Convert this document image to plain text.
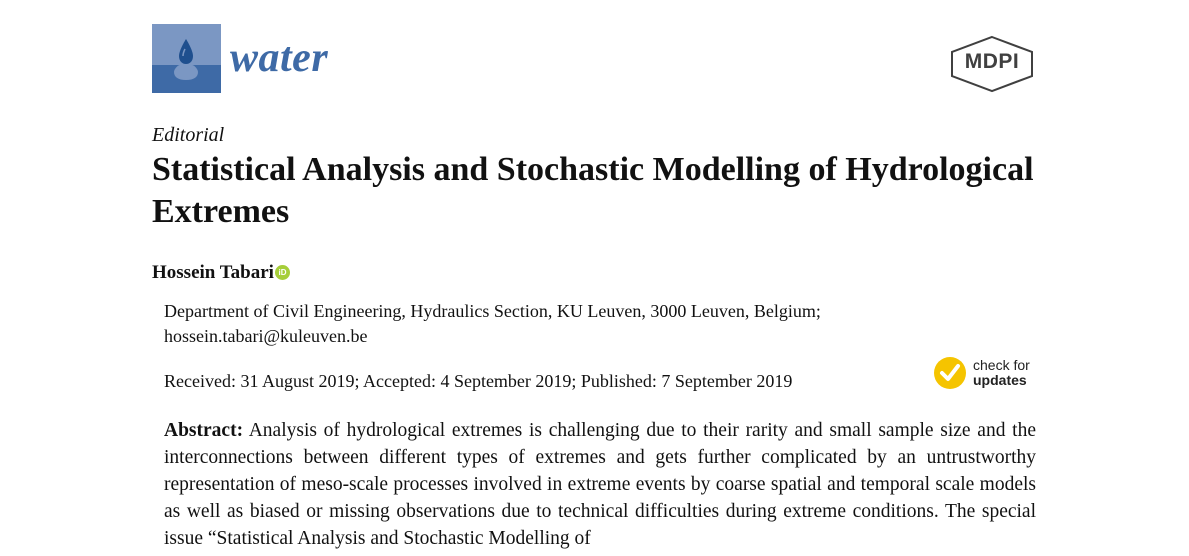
water	MDPI
Editorial
Statistical Analysis and Stochastic Modelling of Hydrological Extremes
Hossein Tabari iD
Department of Civil Engineering, Hydraulics Section, KU Leuven, 3000 Leuven, Belgium;
hossein.tabari@kuleuven.be
Received: 31 August 2019; Accepted: 4 September 2019; Published: 7 September 2019
check for
updates

Abstract: Analysis of hydrological extremes is challenging due to their rarity and small sample size and the interconnections between different types of extremes and gets further complicated by an untrustworthy representation of meso-scale processes involved in extreme events by coarse spatial and temporal scale models as well as biased or missing observations due to technical difficulties during extreme conditions. The special issue “Statistical Analysis and Stochastic Modelling of
